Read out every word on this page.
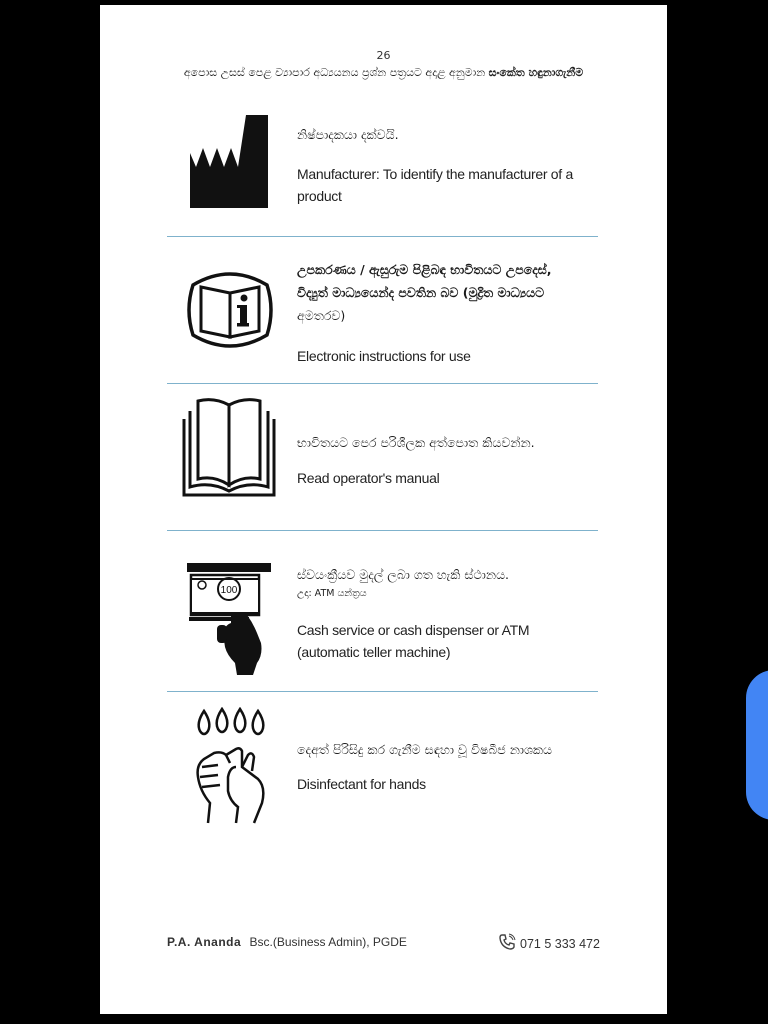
26
අපොස උසස් පෙළ ව්‍යාපාර අධ්‍යයනය ප්‍රශ්න පත්‍රයට අදාළ අනුමාන සංකේත හඳුනාගැනීම
නිෂ්පාදකයා දක්වයි.
Manufacturer: To identify the manufacturer of a product
උපකරණය / ඇසුරුම පිළිබඳ භාවිතයට උපදෙස්,
විද්‍යුත් මාධ්‍යයෙන්ද පවතින බව (මුද්‍රිත මාධ්‍යයට
අමතරව)
Electronic instructions for use
භාවිතයට පෙර පරිශීලක අත්පොත කියවන්න.
Read operator's manual
100
ස්වයංක්‍රීයව මුදල් ලබා ගත හැකි ස්ථානය.
උදා: ATM යන්ත්‍රය
Cash service or cash dispenser or ATM (automatic teller machine)
දෙඅත් පිරිසිදු කර ගැනීම සඳහා වූ විෂබීජ නාශකය
Disinfectant for hands
P.A. Ananda Bsc.(Business Admin), PGDE	071 5 333 472
